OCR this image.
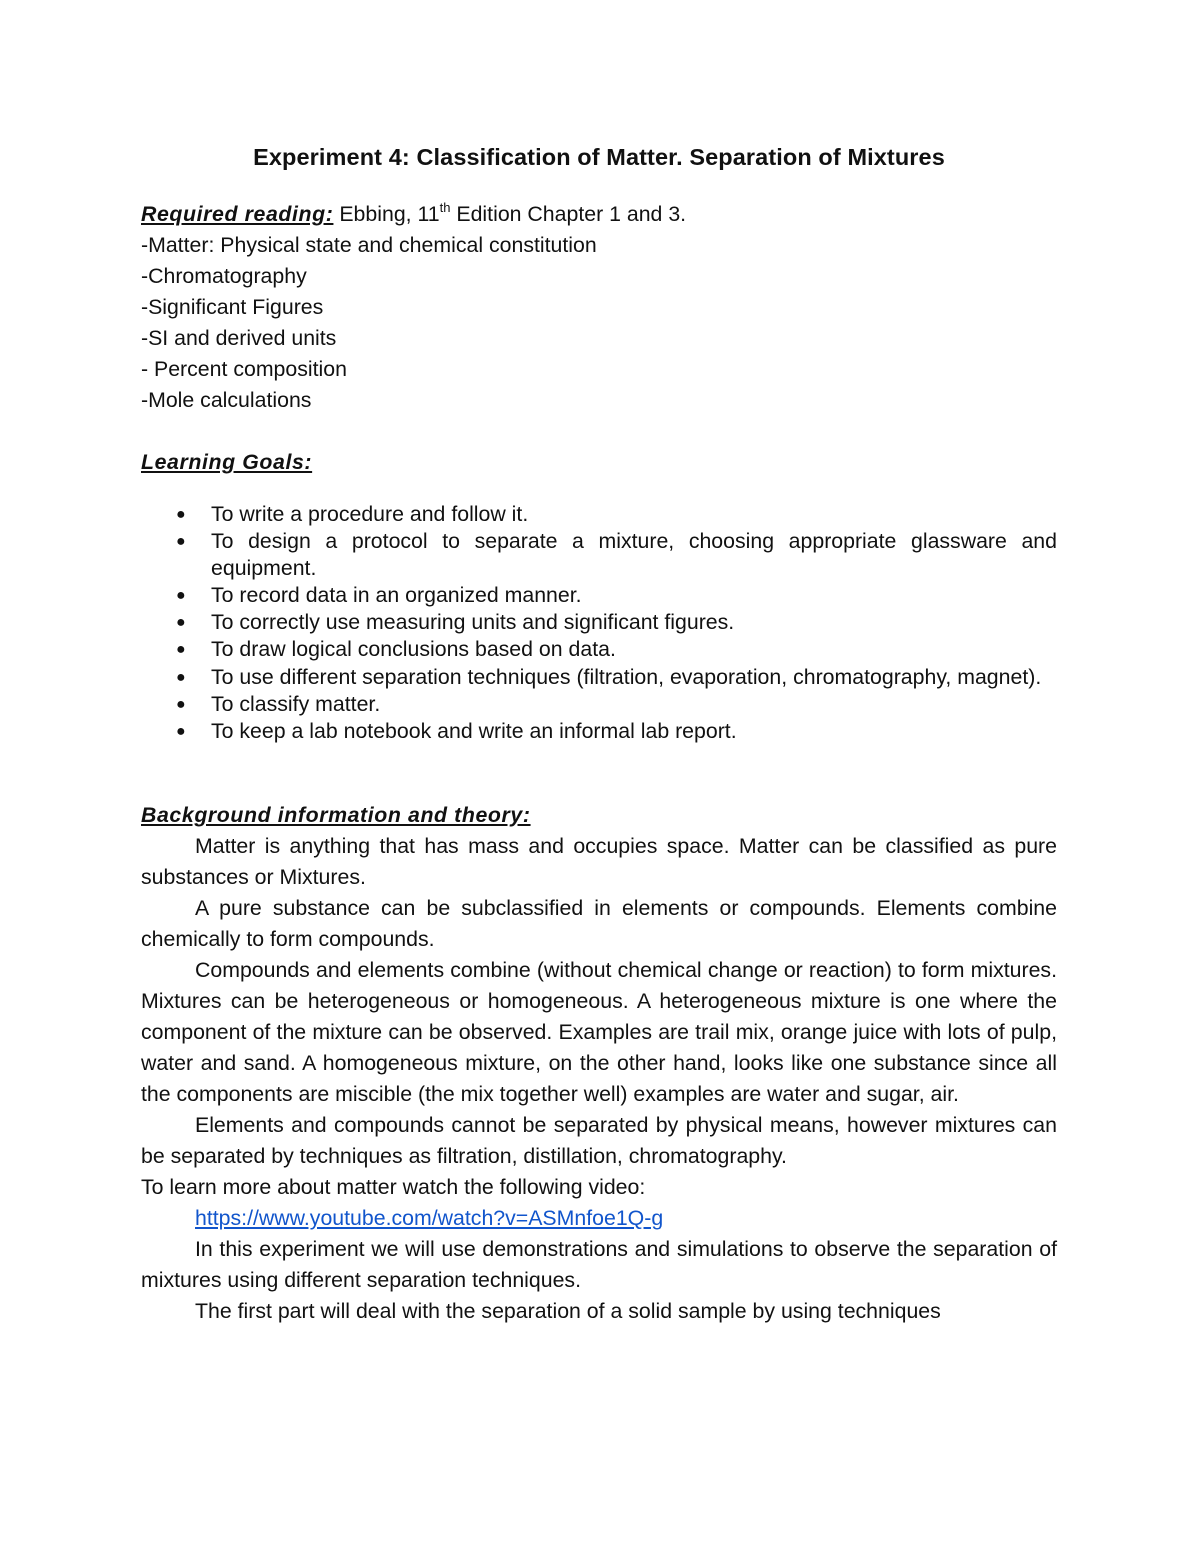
Experiment 4: Classification of Matter. Separation of Mixtures
Required reading: Ebbing, 11th Edition Chapter 1 and 3.
-Matter: Physical state and chemical constitution
-Chromatography
-Significant Figures
-SI and derived units
- Percent composition
-Mole calculations
Learning Goals:
● To write a procedure and follow it.
● To design a protocol to separate a mixture, choosing appropriate glassware and equipment.
● To record data in an organized manner.
● To correctly use measuring units and significant figures.
● To draw logical conclusions based on data.
● To use different separation techniques (filtration, evaporation, chromatography, magnet).
● To classify matter.
● To keep a lab notebook and write an informal lab report.
Background information and theory:

Matter is anything that has mass and occupies space. Matter can be classified as pure substances or Mixtures.

A pure substance can be subclassified in elements or compounds. Elements combine chemically to form compounds.

Compounds and elements combine (without chemical change or reaction) to form mixtures. Mixtures can be heterogeneous or homogeneous. A heterogeneous mixture is one where the component of the mixture can be observed. Examples are trail mix, orange juice with lots of pulp, water and sand. A homogeneous mixture, on the other hand, looks like one substance since all the components are miscible (the mix together well) examples are water and sugar, air.

Elements and compounds cannot be separated by physical means, however mixtures can be separated by techniques as filtration, distillation, chromatography.

To learn more about matter watch the following video:

https://www.youtube.com/watch?v=ASMnfoe1Q-g

In this experiment we will use demonstrations and simulations to observe the separation of mixtures using different separation techniques.

The first part will deal with the separation of a solid sample by using techniques
